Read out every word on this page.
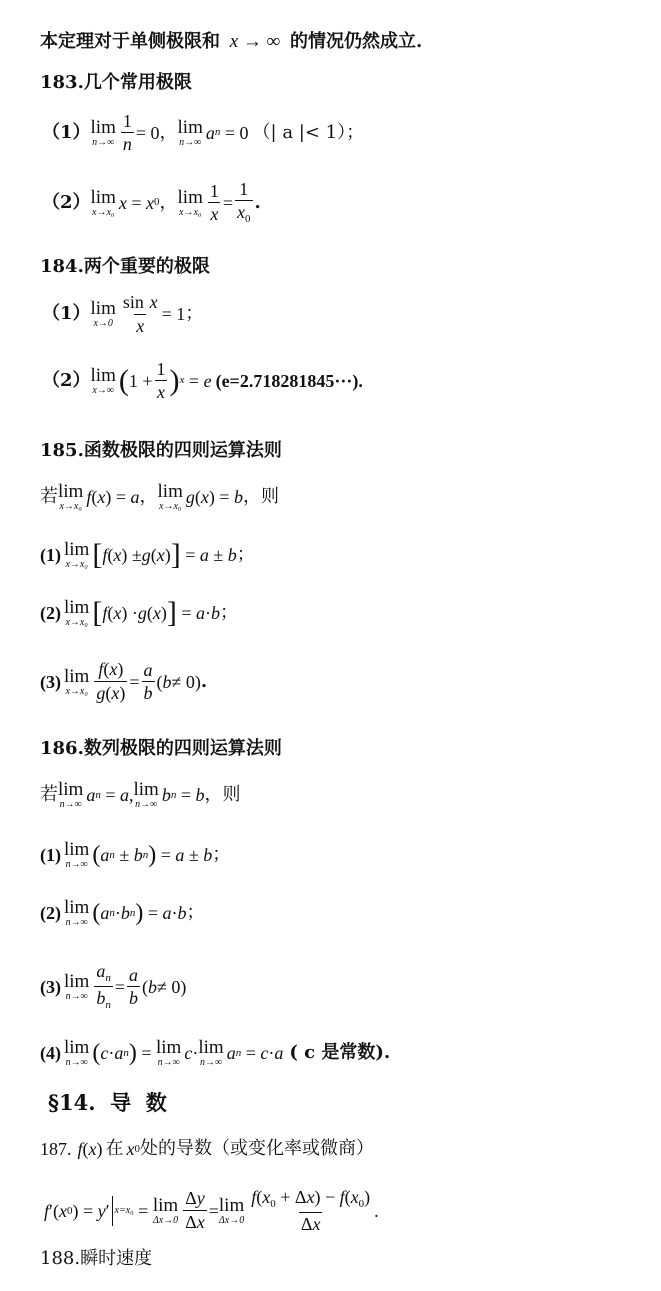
本定理对于单侧极限和 x → ∞ 的情况仍然成立.
183.几个常用极限
（1） lim
$n\to\infty \frac{1}{n} = 0$ ， lim
n→∞ a n = 0 （| a |< 1）；
（2） lim
x→x₀ x = x 0 ， lim
$x\to x_0 \frac{1}{x} = \frac{1}{x_0}$ .
184.两个重要的极限
（1） lim
$x\to 0 \frac{\text{sin x}}{x} = 1$ ；
（2） lim
x→∞ ( $1 + \frac{1}{x}$ ) x = e (e=2.718281845···).
185.函数极限的四则运算法则
若 lim
x→x₀ f ( x ) = a ， lim
x→x₀ g ( x ) = b ，则
(1) lim
x→x₀ [ f ( x ) ± g ( x ) ] = a ± b ；
(2) lim
x→x₀ [ f ( x ) · g ( x ) ] = a · b ；
(3) lim
$x\to x_0 \frac{f(x)}{g(x)} = \frac{a}{b}$ ( b ≠ 0) .
186.数列极限的四则运算法则
若 lim
n→∞ a n = a , lim
n→∞ b n = b ，则
(1) lim
n→∞ ( a n ± b n ) = a ± b ；
(2) lim
n→∞ ( a n · b n ) = a · b ；
(3) lim
$n\to\infty \frac{a_n}{b_n} = \frac{a}{b}$ ( b ≠ 0)
(4) lim
n→∞ ( c · a n ) = lim
n→∞ c · lim
n→∞ a n = c · a ( c 是常数).
§14.  导  数
187. f ( x ) 在 x 0 处的导数（或变化率或微商）
f ′( x 0 ) = y ′ x=x₀ = lim
$\Delta x\to 0 \frac{\Delta y}{\Delta x} = \lim$
$\Delta x\to 0 \frac{f(x_0 + \Delta x) - f(x_0)}{\Delta x}$ .
188.瞬时速度
